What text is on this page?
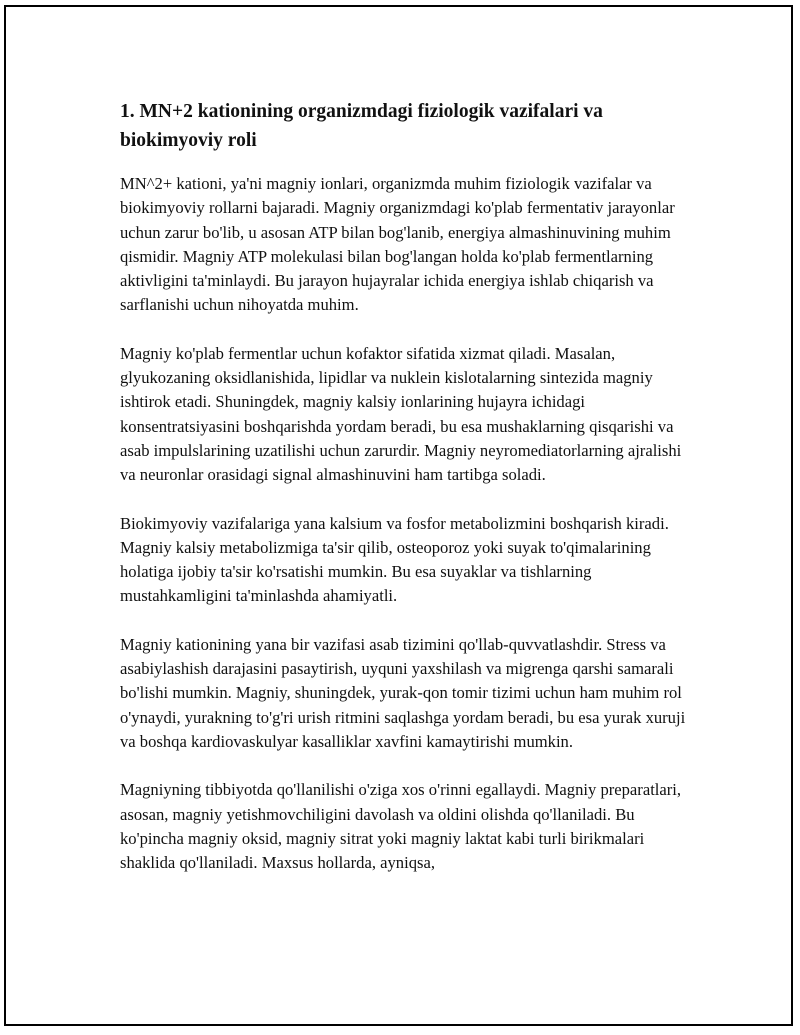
1. MN+2 kationining organizmdagi fiziologik vazifalari va biokimyoviy roli

MN^2+ kationi, ya'ni magniy ionlari, organizmda muhim fiziologik vazifalar va biokimyoviy rollarni bajaradi. Magniy organizmdagi ko'plab fermentativ jarayonlar uchun zarur bo'lib, u asosan ATP bilan bog'lanib, energiya almashinuvining muhim qismidir. Magniy ATP molekulasi bilan bog'langan holda ko'plab fermentlarning aktivligini ta'minlaydi. Bu jarayon hujayralar ichida energiya ishlab chiqarish va sarflanishi uchun nihoyatda muhim.

Magniy ko'plab fermentlar uchun kofaktor sifatida xizmat qiladi. Masalan, glyukozaning oksidlanishida, lipidlar va nuklein kislotalarning sintezida magniy ishtirok etadi. Shuningdek, magniy kalsiy ionlarining hujayra ichidagi konsentratsiyasini boshqarishda yordam beradi, bu esa mushaklarning qisqarishi va asab impulslarining uzatilishi uchun zarurdir. Magniy neyromediatorlarning ajralishi va neuronlar orasidagi signal almashinuvini ham tartibga soladi.

Biokimyoviy vazifalariga yana kalsium va fosfor metabolizmini boshqarish kiradi. Magniy kalsiy metabolizmiga ta'sir qilib, osteoporoz yoki suyak to'qimalarining holatiga ijobiy ta'sir ko'rsatishi mumkin. Bu esa suyaklar va tishlarning mustahkamligini ta'minlashda ahamiyatli.

Magniy kationining yana bir vazifasi asab tizimini qo'llab-quvvatlashdir. Stress va asabiylashish darajasini pasaytirish, uyquni yaxshilash va migrenga qarshi samarali bo'lishi mumkin. Magniy, shuningdek, yurak-qon tomir tizimi uchun ham muhim rol o'ynaydi, yurakning to'g'ri urish ritmini saqlashga yordam beradi, bu esa yurak xuruji va boshqa kardiovaskulyar kasalliklar xavfini kamaytirishi mumkin.

Magniyning tibbiyotda qo'llanilishi o'ziga xos o'rinni egallaydi. Magniy preparatlari, asosan, magniy yetishmovchiligini davolash va oldini olishda qo'llaniladi. Bu ko'pincha magniy oksid, magniy sitrat yoki magniy laktat kabi turli birikmalari shaklida qo'llaniladi. Maxsus hollarda, ayniqsa,
